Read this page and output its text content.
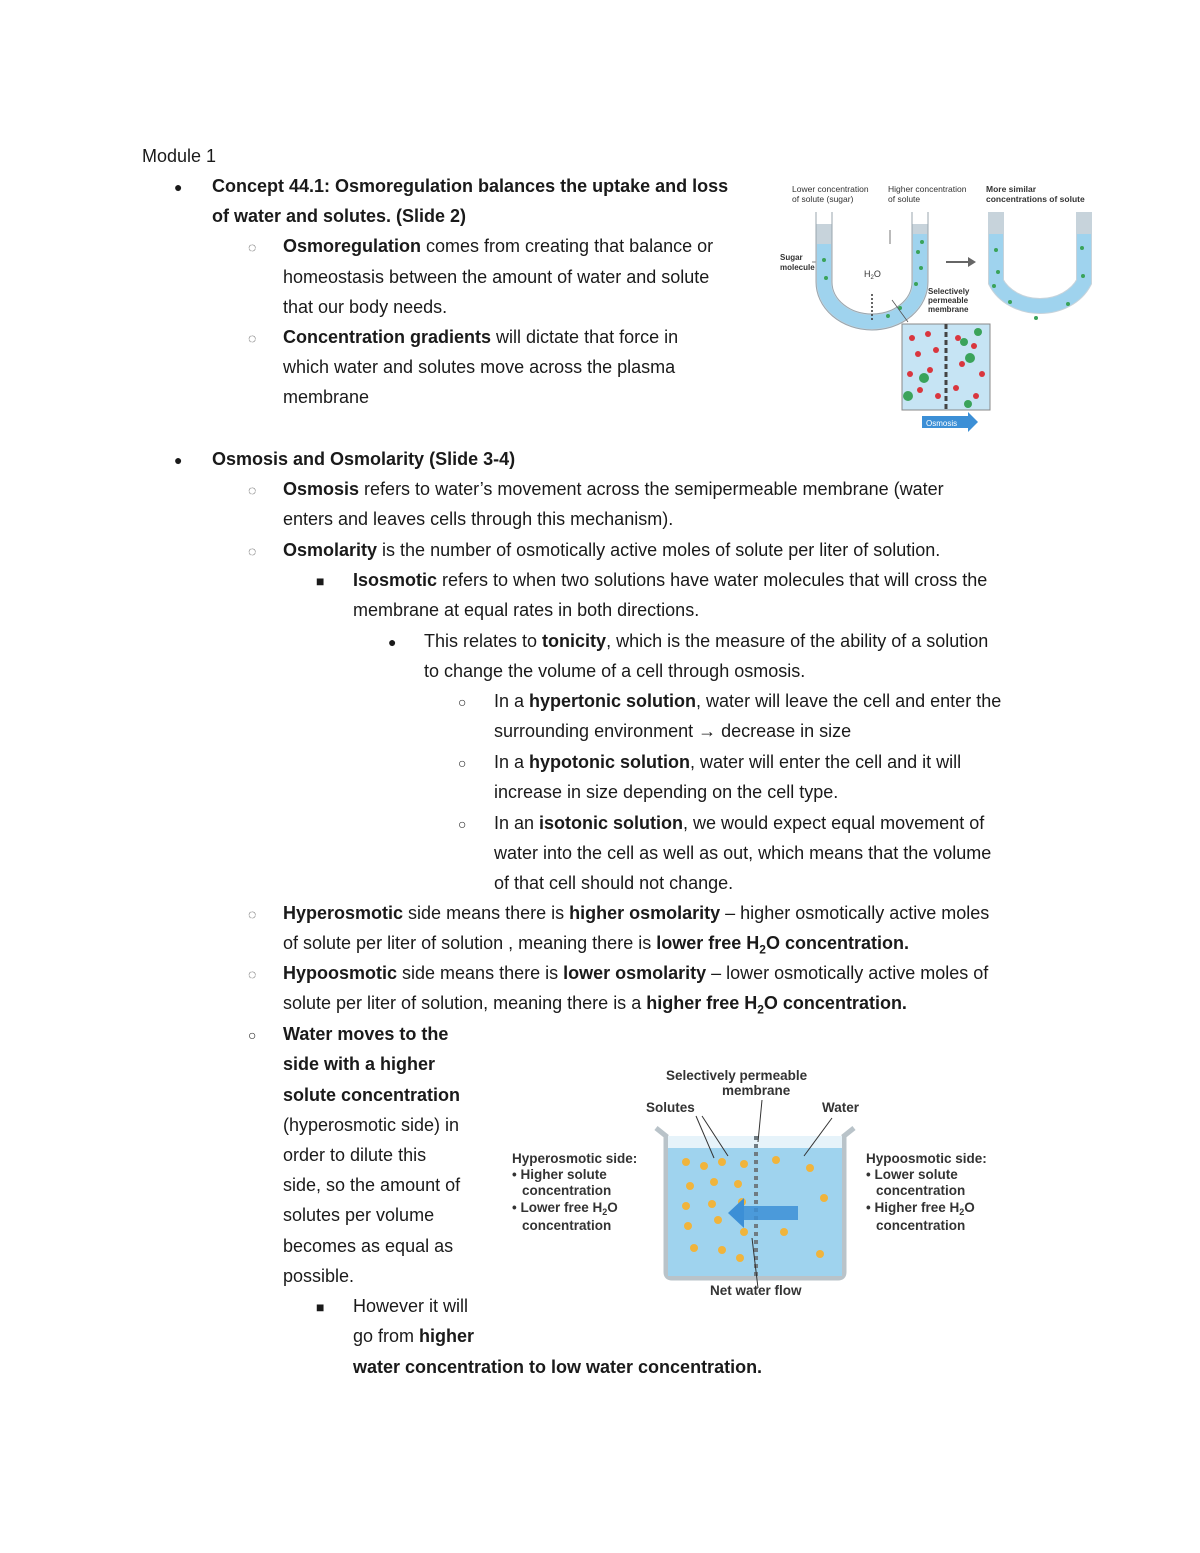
Module 1
● Concept 44.1: Osmoregulation balances the uptake and loss
of water and solutes. (Slide 2)
◌ Osmoregulation comes from creating that balance or
homeostasis between the amount of water and solute
that our body needs.
◌ Concentration gradients will dictate that force in
which water and solutes move across the plasma
membrane
Lower concentration
of solute (sugar)
Higher concentration
of solute
More similar
concentrations of solute
Sugar
molecule
$H_2O$
Selectively
permeable
membrane
Osmosis
● Osmosis and Osmolarity (Slide 3-4)
◌ Osmosis refers to water’s movement across the semipermeable membrane (water
enters and leaves cells through this mechanism).
◌ Osmolarity is the number of osmotically active moles of solute per liter of solution.
■ Isosmotic refers to when two solutions have water molecules that will cross the
membrane at equal rates in both directions.
● This relates to tonicity, which is the measure of the ability of a solution
to change the volume of a cell through osmosis.
○ In a hypertonic solution, water will leave the cell and enter the
surrounding environment → decrease in size
○ In a hypotonic solution, water will enter the cell and it will
increase in size depending on the cell type.
○ In an isotonic solution, we would expect equal movement of
water into the cell as well as out, which means that the volume
of that cell should not change.
◌ Hyperosmotic side means there is higher osmolarity – higher osmotically active moles
of solute per liter of solution , meaning there is lower free $H_2O$ concentration.
◌ Hypoosmotic side means there is lower osmolarity – lower osmotically active moles of
solute per liter of solution, meaning there is a higher free $H_2O$ concentration.
○ Water moves to the
side with a higher
solute concentration
(hyperosmotic side) in
order to dilute this
side, so the amount of
solutes per volume
becomes as equal as
possible.
■ However it will
go from higher
water concentration to low water concentration.
Selectively permeable
membrane
Solutes	Water
Hyperosmotic side:
• Higher solute
concentration
• Lower free $H_2O$
concentration
Hypoosmotic side:
• Lower solute
concentration
• Higher free $H_2O$
concentration
Net water flow
